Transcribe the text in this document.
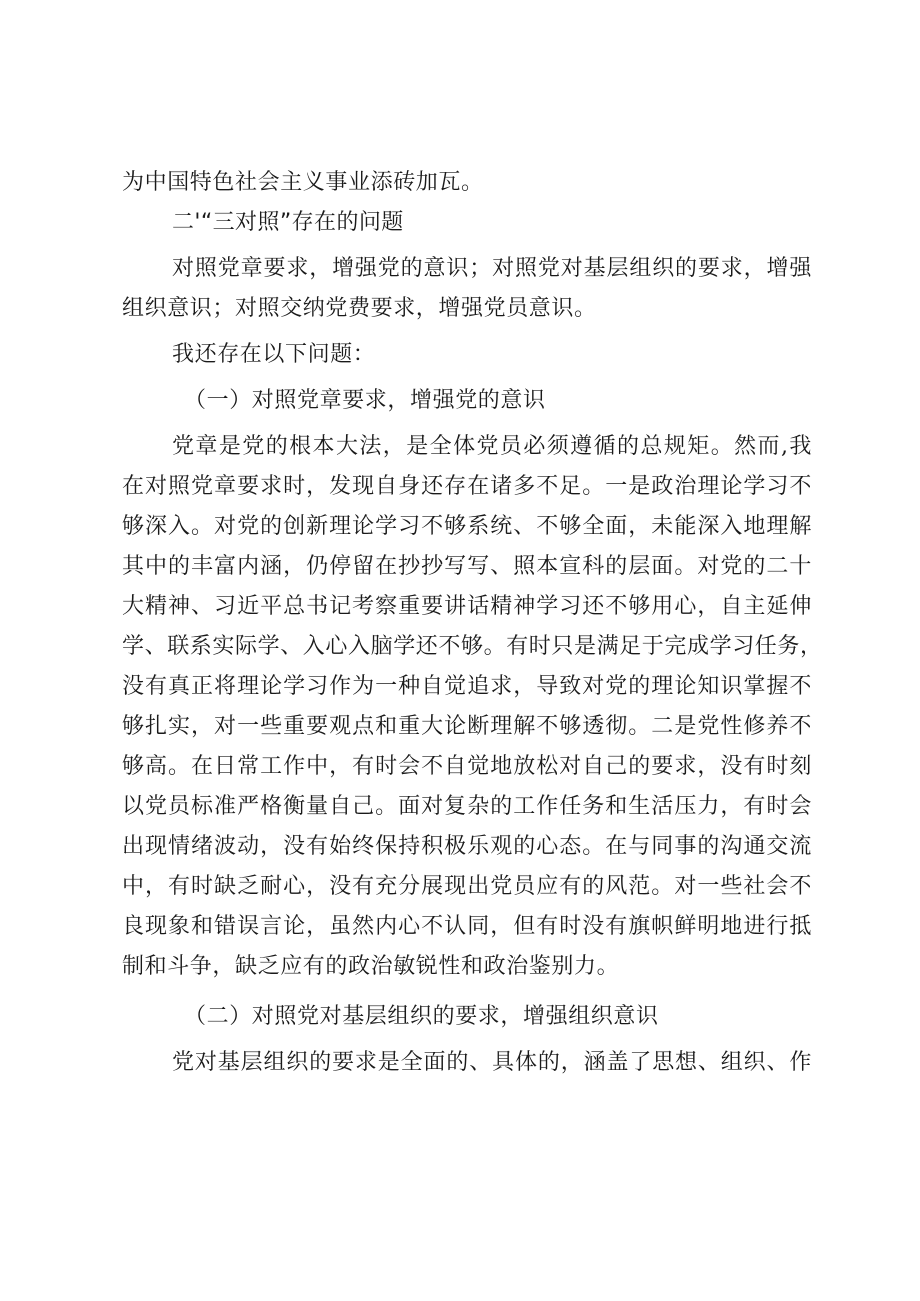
为中国特色社会主义事业添砖加瓦。
二'“三对照”存在的问题
对照党章要求，增强党的意识；对照党对基层组织的要求，增强
组织意识；对照交纳党费要求，增强党员意识。
我还存在以下问题：
（一）对照党章要求，增强党的意识
党章是党的根本大法，是全体党员必须遵循的总规矩。然而,我
在对照党章要求时，发现自身还存在诸多不足。一是政治理论学习不
够深入。对党的创新理论学习不够系统、不够全面，未能深入地理解
其中的丰富内涵，仍停留在抄抄写写、照本宣科的层面。对党的二十
大精神、习近平总书记考察重要讲话精神学习还不够用心，自主延伸
学、联系实际学、入心入脑学还不够。有时只是满足于完成学习任务，
没有真正将理论学习作为一种自觉追求，导致对党的理论知识掌握不
够扎实，对一些重要观点和重大论断理解不够透彻。二是党性修养不
够高。在日常工作中，有时会不自觉地放松对自己的要求，没有时刻
以党员标准严格衡量自己。面对复杂的工作任务和生活压力，有时会
出现情绪波动，没有始终保持积极乐观的心态。在与同事的沟通交流
中，有时缺乏耐心，没有充分展现出党员应有的风范。对一些社会不
良现象和错误言论，虽然内心不认同，但有时没有旗帜鲜明地进行抵
制和斗争，缺乏应有的政治敏锐性和政治鉴别力。
（二）对照党对基层组织的要求，增强组织意识
党对基层组织的要求是全面的、具体的，涵盖了思想、组织、作
